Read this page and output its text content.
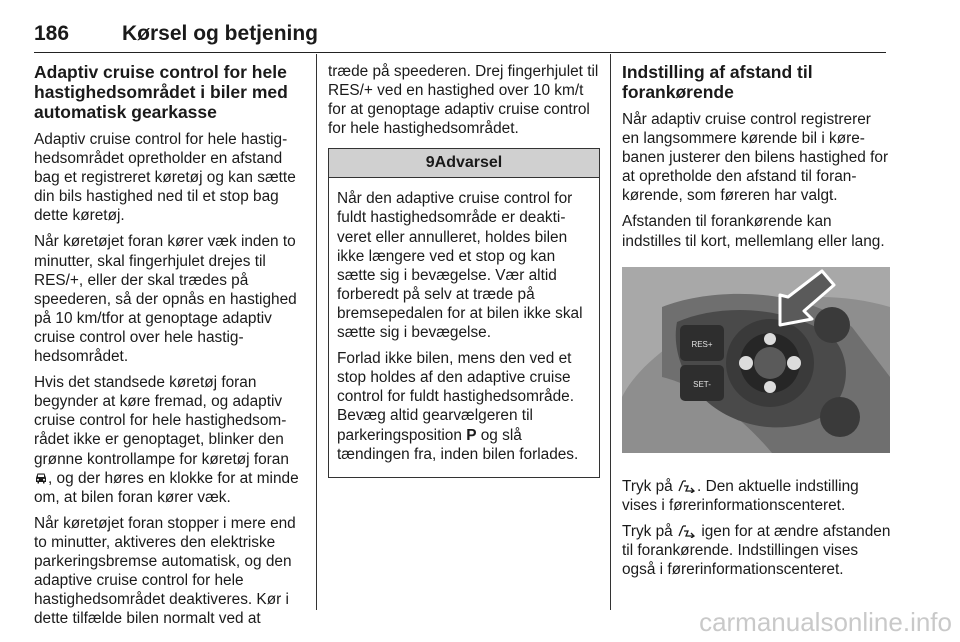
186	Kørsel og betjening
Adaptiv cruise control for hele hastighedsområdet i biler med automatisk gearkasse

Adaptiv cruise control for hele hastighedsområdet opretholder en afstand bag et registreret køretøj og kan sætte din bils hastighed ned til et stop bag dette køretøj.

Når køretøjet foran kører væk inden to minutter, skal fingerhjulet drejes til RES/+, eller der skal trædes på speederen, så der opnås en hastighed på 10 km/tfor at genoptage adaptiv cruise control over hele hastighedsområdet.

Hvis det standsede køretøj foran begynder at køre fremad, og adaptiv cruise control for hele hastighedsområdet ikke er genoptaget, blinker den grønne kontrollampe for køretøj foran , og der høres en klokke for at minde om, at bilen foran kører væk.

Når køretøjet foran stopper i mere end to minutter, aktiveres den elektriske parkeringsbremse automatisk, og den adaptive cruise control for hele hastighedsområdet deaktiveres. Kør i dette tilfælde bilen normalt ved at

træde på speederen. Drej fingerhjulet til RES/+ ved en hastighed over 10 km/t for at genoptage adaptiv cruise control for hele hastighedsområdet.

9Advarsel

Når den adaptive cruise control for fuldt hastighedsområde er deaktiveret eller annulleret, holdes bilen ikke længere ved et stop og kan sætte sig i bevægelse. Vær altid forberedt på selv at træde på bremsepedalen for at bilen ikke skal sætte sig i bevægelse.

Forlad ikke bilen, mens den ved et stop holdes af den adaptive cruise control for fuldt hastighedsområde. Bevæg altid gearvælgeren til parkeringsposition P og slå tændingen fra, inden bilen forlades.

Indstilling af afstand til forankørende

Når adaptiv cruise control registrerer en langsommere kørende bil i kørebanen justerer den bilens hastighed for at opretholde den afstand til forankørende, som føreren har valgt.

Afstanden til forankørende kan indstilles til kort, mellemlang eller lang.

RES+
SET-

Tryk på . Den aktuelle indstilling vises i førerinformationscenteret.

Tryk på igen for at ændre afstanden til forankørende. Indstillingen vises også i førerinformationscenteret.

carmanualsonline.info
